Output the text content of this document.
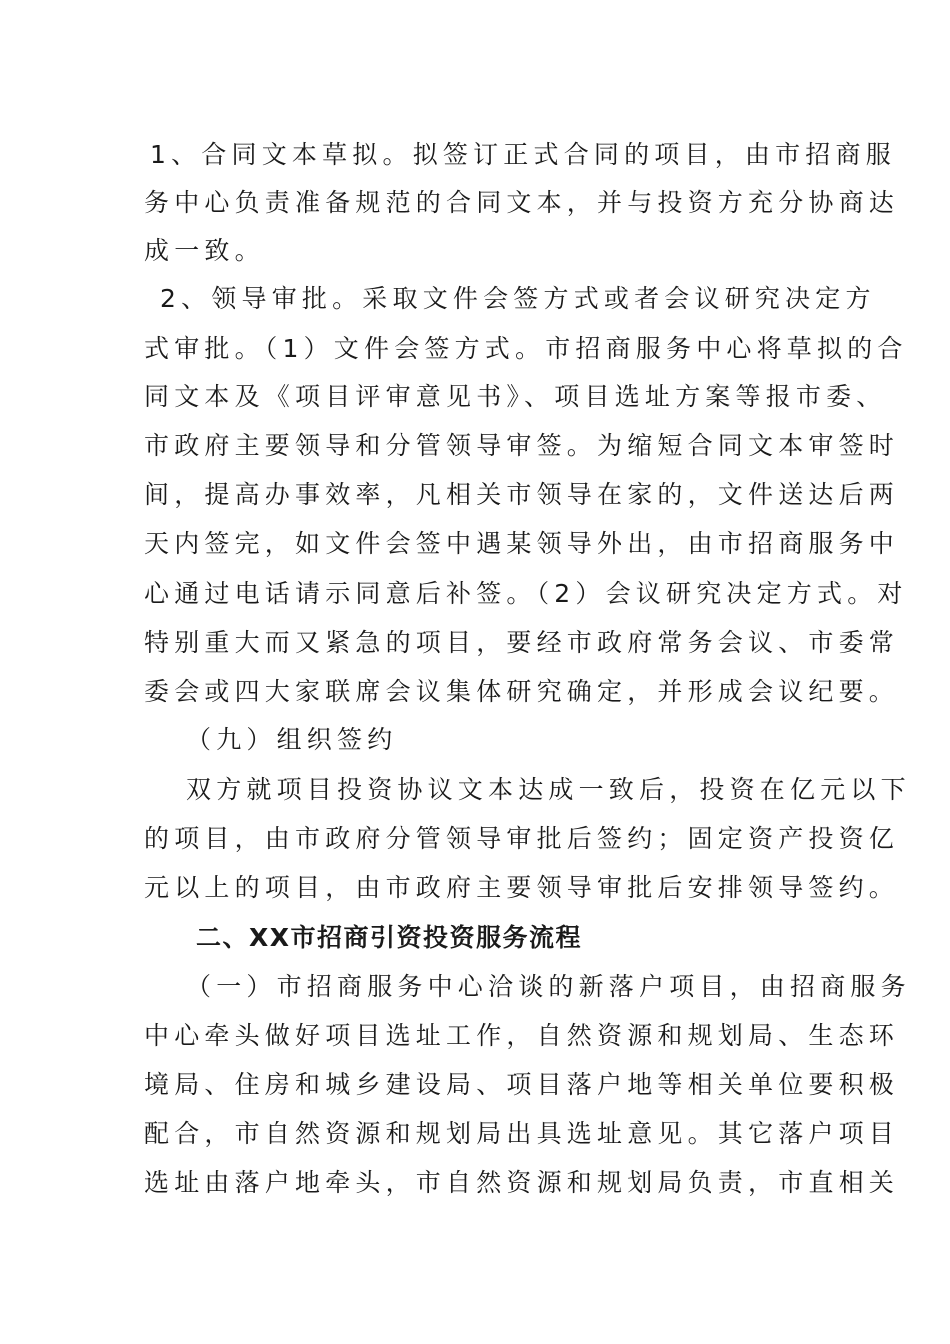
1、合同文本草拟。拟签订正式合同的项目，由市招商服
务中心负责准备规范的合同文本，并与投资方充分协商达
成一致。
2、领导审批。采取文件会签方式或者会议研究决定方
式审批。（1）文件会签方式。市招商服务中心将草拟的合
同文本及《项目评审意见书》、项目选址方案等报市委、
市政府主要领导和分管领导审签。为缩短合同文本审签时
间，提高办事效率，凡相关市领导在家的，文件送达后两
天内签完，如文件会签中遇某领导外出，由市招商服务中
心通过电话请示同意后补签。（2）会议研究决定方式。对
特别重大而又紧急的项目，要经市政府常务会议、市委常
委会或四大家联席会议集体研究确定，并形成会议纪要。
（九）组织签约
双方就项目投资协议文本达成一致后，投资在亿元以下
的项目，由市政府分管领导审批后签约；固定资产投资亿
元以上的项目，由市政府主要领导审批后安排领导签约。
二、XX市招商引资投资服务流程
（一）市招商服务中心洽谈的新落户项目，由招商服务
中心牵头做好项目选址工作，自然资源和规划局、生态环
境局、住房和城乡建设局、项目落户地等相关单位要积极
配合，市自然资源和规划局出具选址意见。其它落户项目
选址由落户地牵头，市自然资源和规划局负责，市直相关
